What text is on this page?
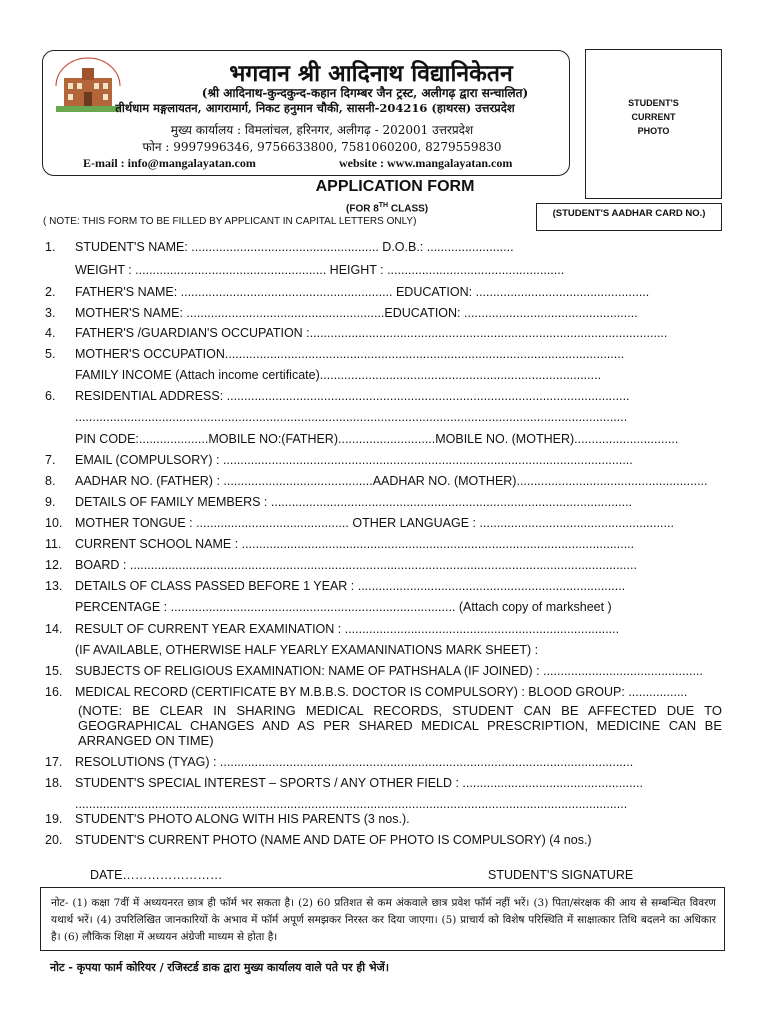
भगवान श्री आदिनाथ विद्यानिकेतन
(श्री आदिनाथ-कुन्दकुन्द-कहान दिगम्बर जैन ट्रस्ट, अलीगढ़ द्वारा सन्चालित)
तीर्थधाम मङ्गलायतन, आगरामार्ग, निकट हनुमान चौकी, सासनी-204216 (हाथरस) उत्तरप्रदेश
मुख्य कार्यालय : विमलांचल, हरिनगर, अलीगढ़ - 202001 उत्तरप्रदेश
फोन : 9997996346, 9756633800, 7581060200, 8279559830
E-mail : info@mangalayatan.com	website : www.mangalayatan.com
STUDENT'S
CURRENT
PHOTO
APPLICATION FORM
(FOR 8TH CLASS)	(STUDENT'S AADHAR CARD NO.)
( NOTE: THIS FORM TO BE FILLED BY APPLICANT IN CAPITAL LETTERS ONLY)
1. STUDENT'S NAME: ...................................................... D.O.B.: .........................
WEIGHT : ....................................................... HEIGHT : ...................................................
2. FATHER'S NAME: ............................................................. EDUCATION: ..................................................
3. MOTHER'S NAME: .........................................................EDUCATION: ..................................................
4. FATHER'S /GUARDIAN'S OCCUPATION :.......................................................................................................
5. MOTHER'S OCCUPATION...................................................................................................................
FAMILY INCOME (Attach income certificate).................................................................................
6. RESIDENTIAL ADDRESS: ....................................................................................................................
...............................................................................................................................................................
PIN CODE:....................MOBILE NO:(FATHER)............................MOBILE NO. (MOTHER)..............................
7. EMAIL (COMPULSORY) : ......................................................................................................................
8. AADHAR NO. (FATHER) : ...........................................AADHAR NO. (MOTHER).......................................................
9. DETAILS OF FAMILY MEMBERS : ........................................................................................................
10. MOTHER TONGUE : ............................................ OTHER LANGUAGE : ........................................................
11. CURRENT SCHOOL NAME : .................................................................................................................
12. BOARD : ..................................................................................................................................................
13. DETAILS OF CLASS PASSED BEFORE 1 YEAR : .............................................................................
PERCENTAGE : .................................................................................. (Attach copy of marksheet )
14. RESULT OF CURRENT YEAR EXAMINATION : ...............................................................................
(IF AVAILABLE, OTHERWISE HALF YEARLY EXAMANINATIONS MARK SHEET) :
15. SUBJECTS OF RELIGIOUS EXAMINATION: NAME OF PATHSHALA (IF JOINED) : ..............................................
16. MEDICAL RECORD (CERTIFICATE BY M.B.B.S. DOCTOR IS COMPULSORY) : BLOOD GROUP: .................
17. RESOLUTIONS (TYAG) : .......................................................................................................................
18. STUDENT'S SPECIAL INTEREST – SPORTS / ANY OTHER FIELD : ....................................................
...............................................................................................................................................................
19. STUDENT'S PHOTO ALONG WITH HIS PARENTS (3 nos.).
20. STUDENT'S CURRENT PHOTO (NAME AND DATE OF PHOTO IS COMPULSORY) (4 nos.)
(NOTE: BE CLEAR IN SHARING MEDICAL RECORDS, STUDENT CAN BE AFFECTED DUE TO GEOGRAPHICAL CHANGES AND AS PER SHARED MEDICAL PRESCRIPTION, MEDICINE CAN BE ARRANGED ON TIME)
DATE……………………	STUDENT'S SIGNATURE
नोट- (1) कक्षा 7वीं में अध्ययनरत छात्र ही फॉर्म भर सकता है। (2) 60 प्रतिशत से कम अंकवाले छात्र प्रवेश फॉर्म नहीं भरें। (3) पिता/संरक्षक की आय से सम्बन्धित विवरण यथार्थ भरें। (4) उपरिलिखित जानकारियों के अभाव में फॉर्म अपूर्ण समझकर निरस्त कर दिया जाएगा। (5) प्राचार्य को विशेष परिस्थिति में साक्षात्कार तिथि बदलने का अधिकार है। (6) लौकिक शिक्षा में अध्ययन अंग्रेजी माध्यम से होता है।
नोट - कृपया फार्म कोरियर / रजिस्टर्ड डाक द्वारा मुख्य कार्यालय वाले पते पर ही भेजें।
